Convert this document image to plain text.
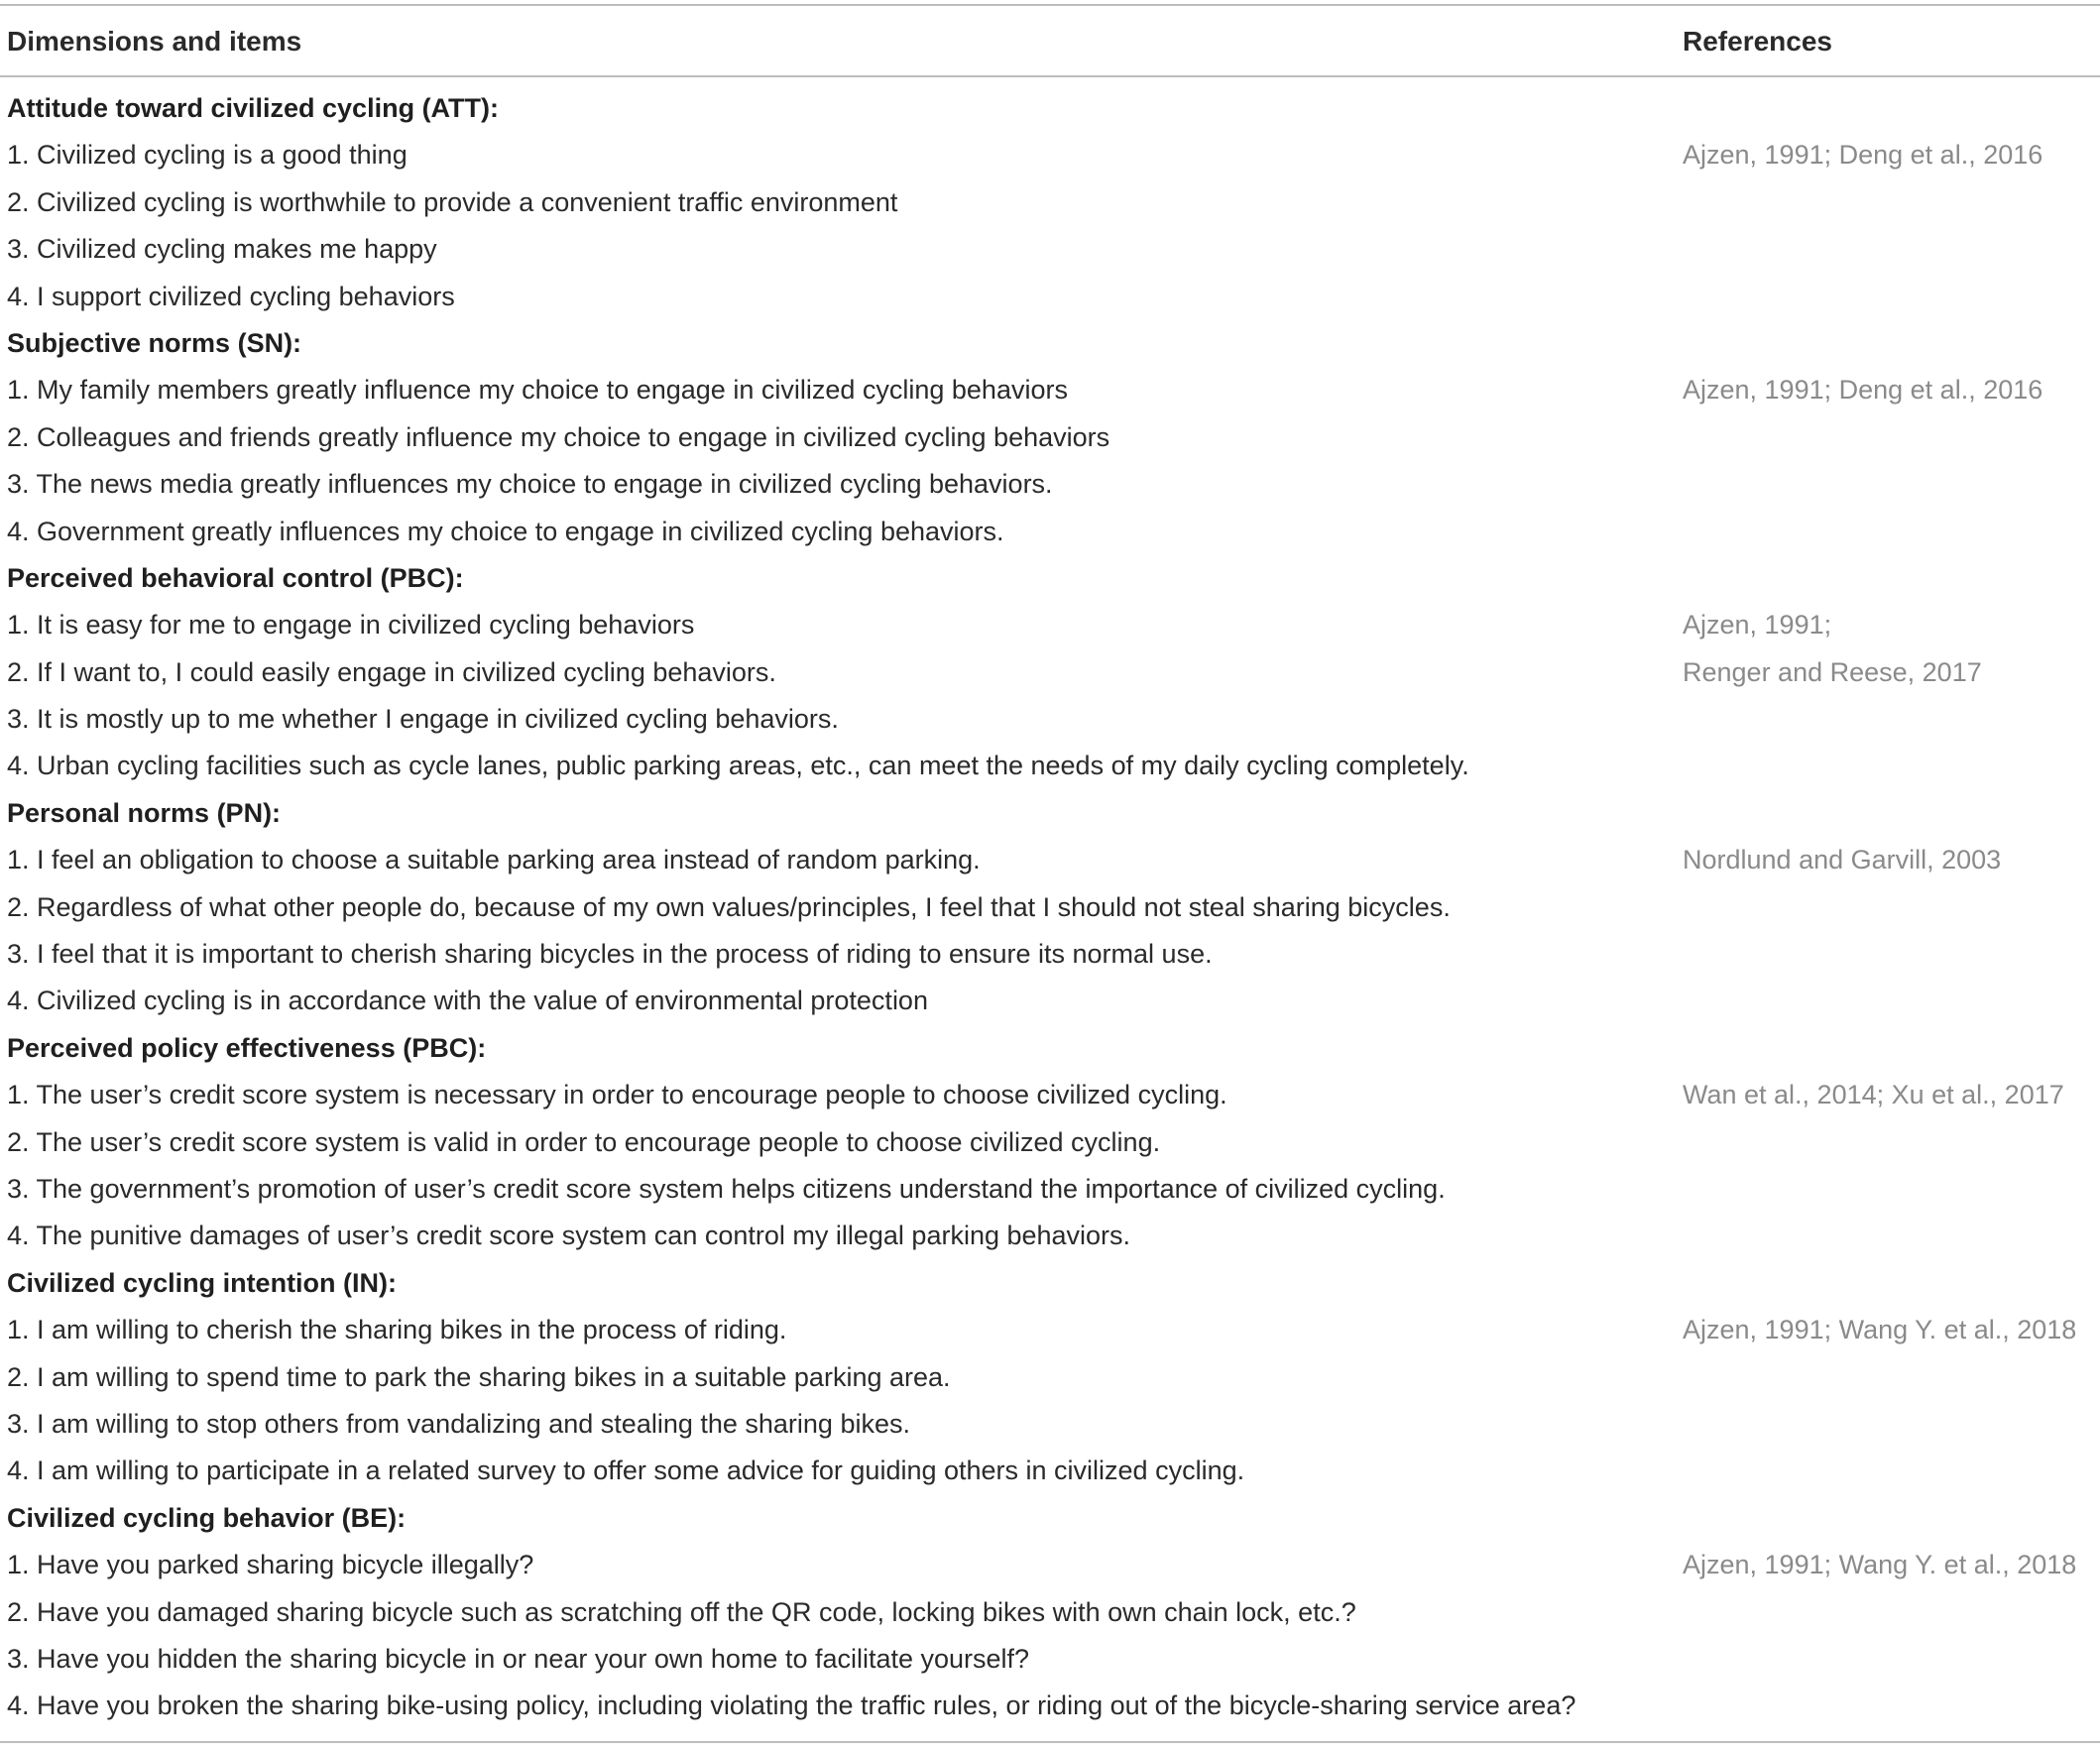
Dimensions and items	References
Attitude toward civilized cycling (ATT):
1. Civilized cycling is a good thing	Ajzen, 1991; Deng et al., 2016
2. Civilized cycling is worthwhile to provide a convenient traffic environment
3. Civilized cycling makes me happy
4. I support civilized cycling behaviors
Subjective norms (SN):
1. My family members greatly influence my choice to engage in civilized cycling behaviors	Ajzen, 1991; Deng et al., 2016
2. Colleagues and friends greatly influence my choice to engage in civilized cycling behaviors
3. The news media greatly influences my choice to engage in civilized cycling behaviors.
4. Government greatly influences my choice to engage in civilized cycling behaviors.
Perceived behavioral control (PBC):
1. It is easy for me to engage in civilized cycling behaviors	Ajzen, 1991;
2. If I want to, I could easily engage in civilized cycling behaviors.	Renger and Reese, 2017
3. It is mostly up to me whether I engage in civilized cycling behaviors.
4. Urban cycling facilities such as cycle lanes, public parking areas, etc., can meet the needs of my daily cycling completely.
Personal norms (PN):
1. I feel an obligation to choose a suitable parking area instead of random parking.	Nordlund and Garvill, 2003
2. Regardless of what other people do, because of my own values/principles, I feel that I should not steal sharing bicycles.
3. I feel that it is important to cherish sharing bicycles in the process of riding to ensure its normal use.
4. Civilized cycling is in accordance with the value of environmental protection
Perceived policy effectiveness (PBC):
1. The user’s credit score system is necessary in order to encourage people to choose civilized cycling.	Wan et al., 2014; Xu et al., 2017
2. The user’s credit score system is valid in order to encourage people to choose civilized cycling.
3. The government’s promotion of user’s credit score system helps citizens understand the importance of civilized cycling.
4. The punitive damages of user’s credit score system can control my illegal parking behaviors.
Civilized cycling intention (IN):
1. I am willing to cherish the sharing bikes in the process of riding.	Ajzen, 1991; Wang Y. et al., 2018
2. I am willing to spend time to park the sharing bikes in a suitable parking area.
3. I am willing to stop others from vandalizing and stealing the sharing bikes.
4. I am willing to participate in a related survey to offer some advice for guiding others in civilized cycling.
Civilized cycling behavior (BE):
1. Have you parked sharing bicycle illegally?	Ajzen, 1991; Wang Y. et al., 2018
2. Have you damaged sharing bicycle such as scratching off the QR code, locking bikes with own chain lock, etc.?
3. Have you hidden the sharing bicycle in or near your own home to facilitate yourself?
4. Have you broken the sharing bike-using policy, including violating the traffic rules, or riding out of the bicycle-sharing service area?
